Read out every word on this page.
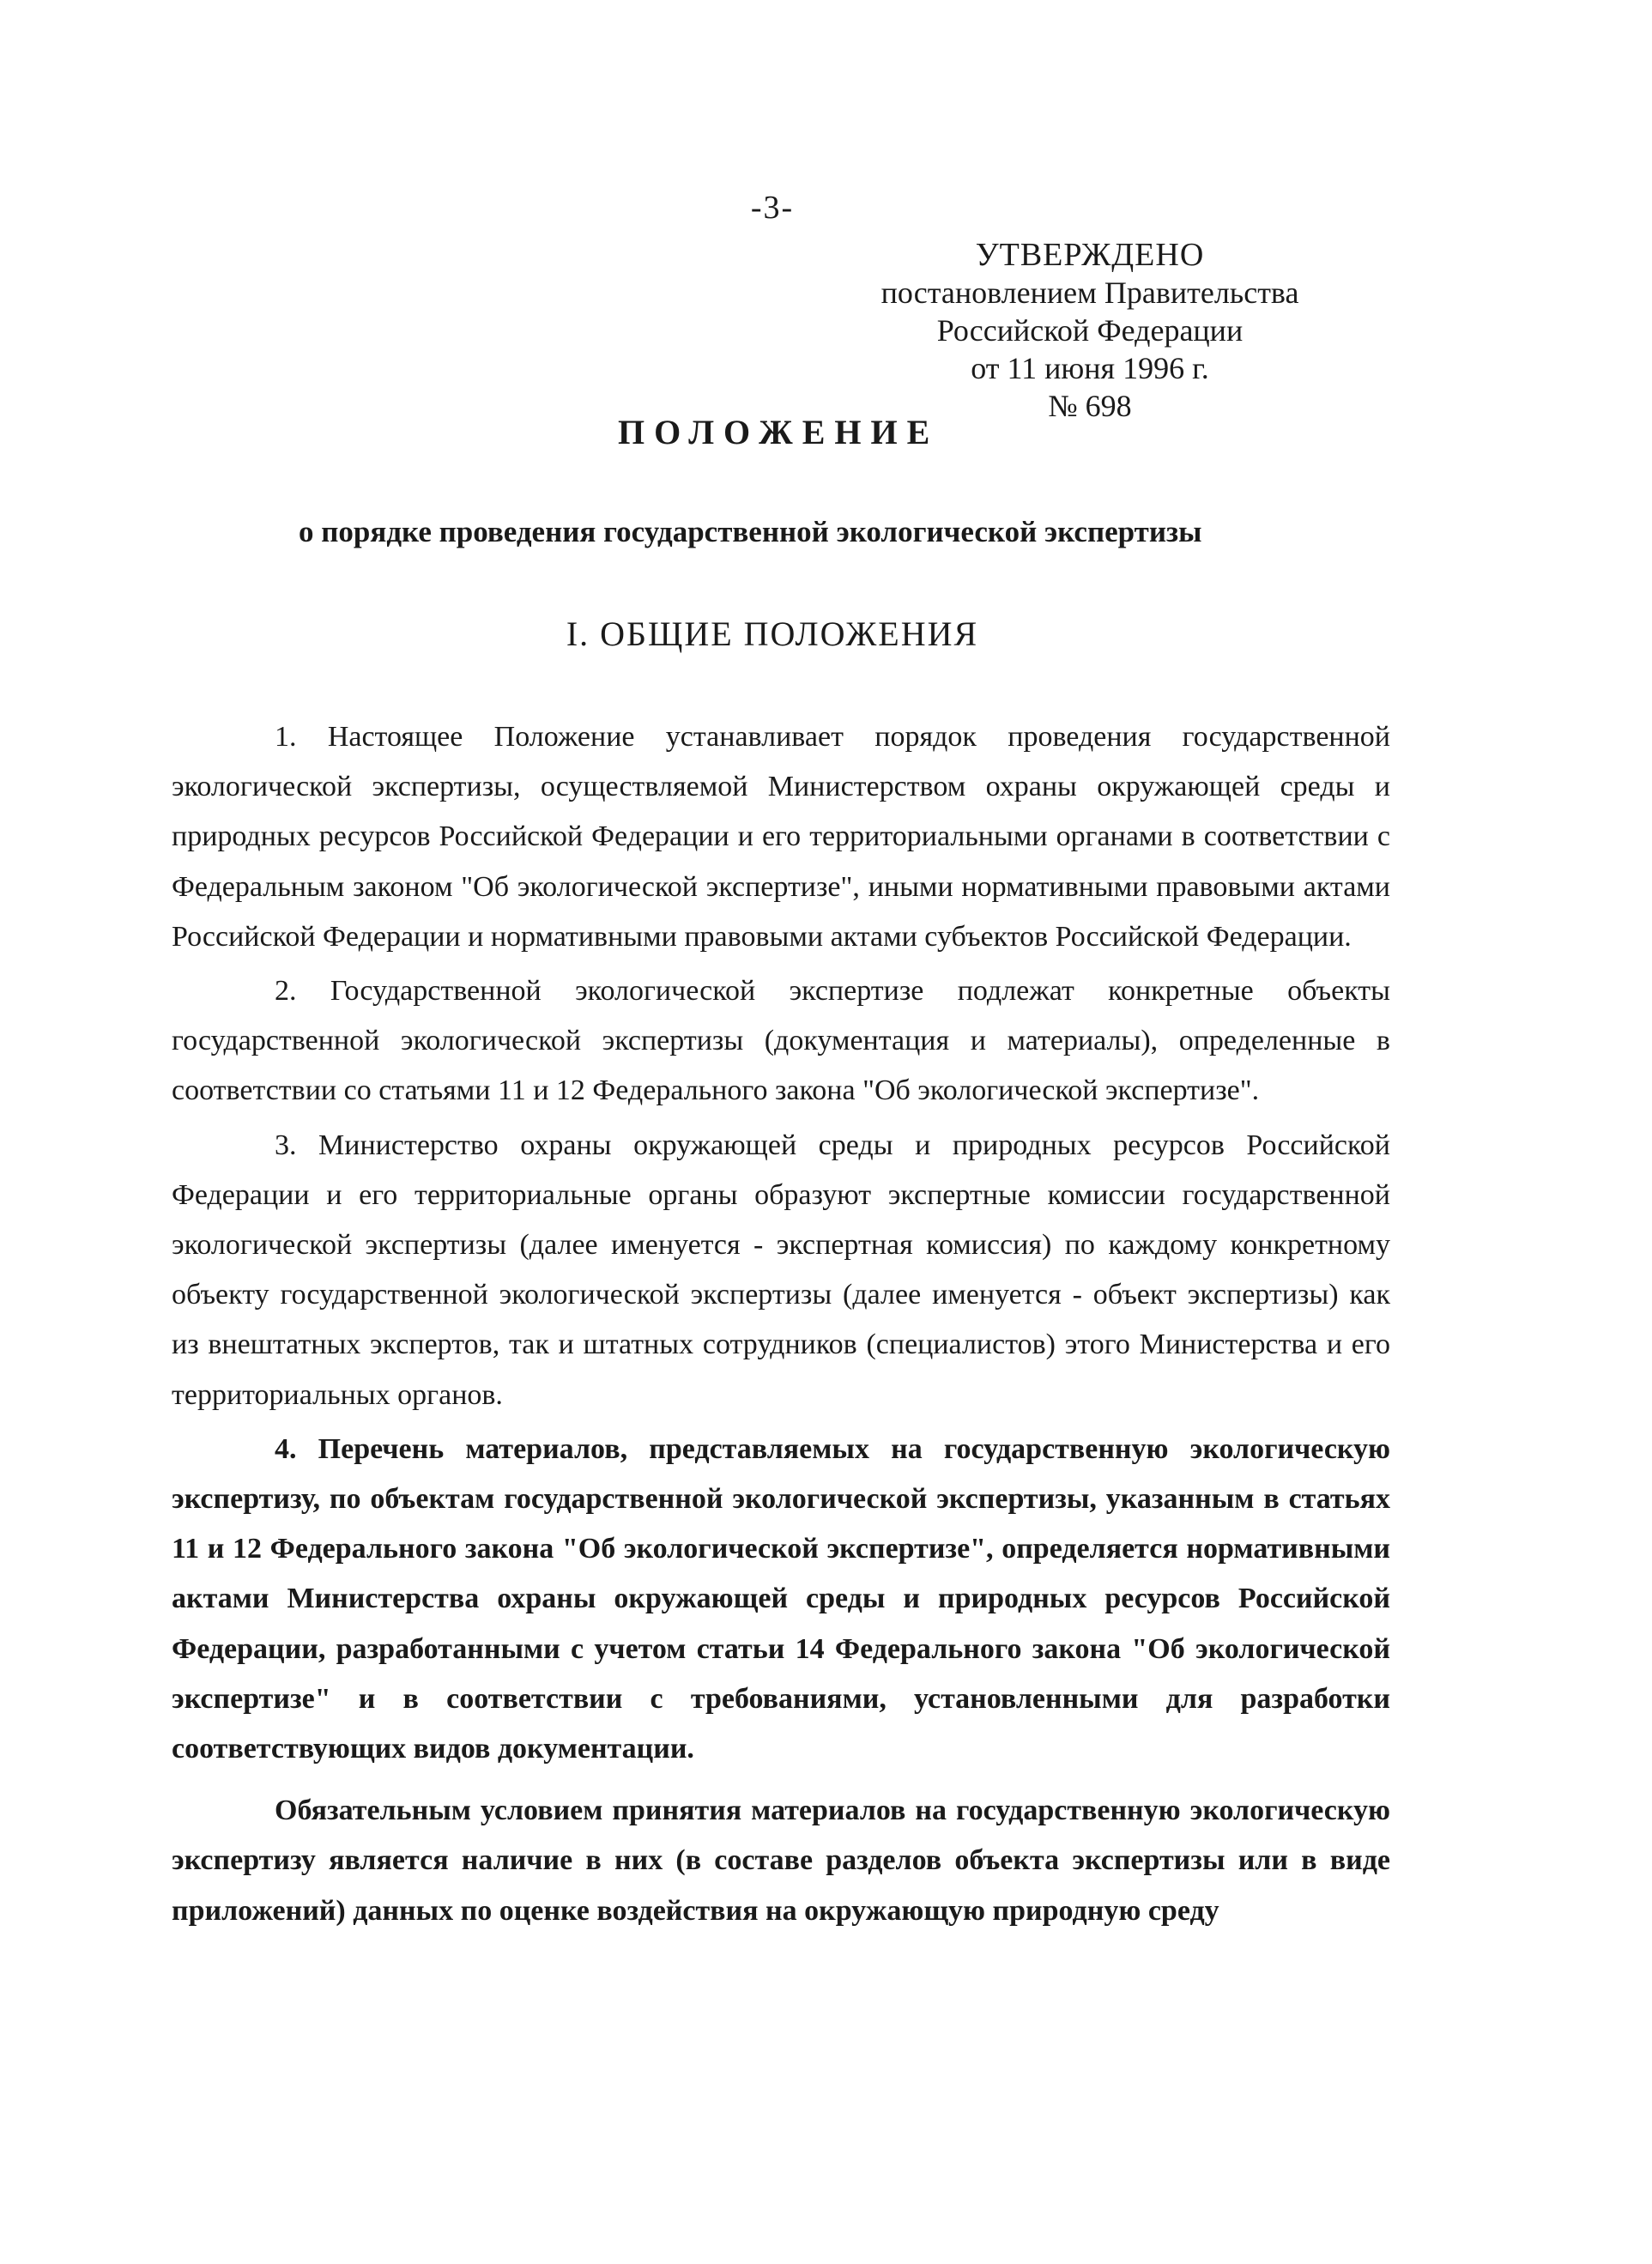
-3-
УТВЕРЖДЕНО
постановлением Правительства
Российской Федерации
от 11 июня 1996 г.
№ 698
ПОЛОЖЕНИЕ
о порядке проведения государственной экологической экспертизы
I. ОБЩИЕ ПОЛОЖЕНИЯ

1. Настоящее Положение устанавливает порядок проведения государственной экологической экспертизы, осуществляемой Министерством охраны окружающей среды и природных ресурсов Российской Федерации и его территориальными органами в соответствии с Федеральным законом "Об экологической экспертизе", иными нормативными правовыми актами Российской Федерации и нормативными правовыми актами субъектов Российской Федерации.

2. Государственной экологической экспертизе подлежат конкретные объекты государственной экологической экспертизы (документация и материалы), определенные в соответствии со статьями 11 и 12 Федерального закона "Об экологической экспертизе".

3. Министерство охраны окружающей среды и природных ресурсов Российской Федерации и его территориальные органы образуют экспертные комиссии государственной экологической экспертизы (далее именуется - экспертная комиссия) по каждому конкретному объекту государственной экологической экспертизы (далее именуется - объект экспертизы) как из внештатных экспертов, так и штатных сотрудников (специалистов) этого Министерства и его территориальных органов.

4. Перечень материалов, представляемых на государственную экологическую экспертизу, по объектам государственной экологической экспертизы, указанным в статьях 11 и 12 Федерального закона "Об экологической экспертизе", определяется нормативными актами Министерства охраны окружающей среды и природных ресурсов Российской Федерации, разработанными с учетом статьи 14 Федерального закона "Об экологической экспертизе" и в соответствии с требованиями, установленными для разработки соответствующих видов документации.

Обязательным условием принятия материалов на государственную экологическую экспертизу является наличие в них (в составе разделов объекта экспертизы или в виде приложений) данных по оценке воздействия на окружающую природную среду
